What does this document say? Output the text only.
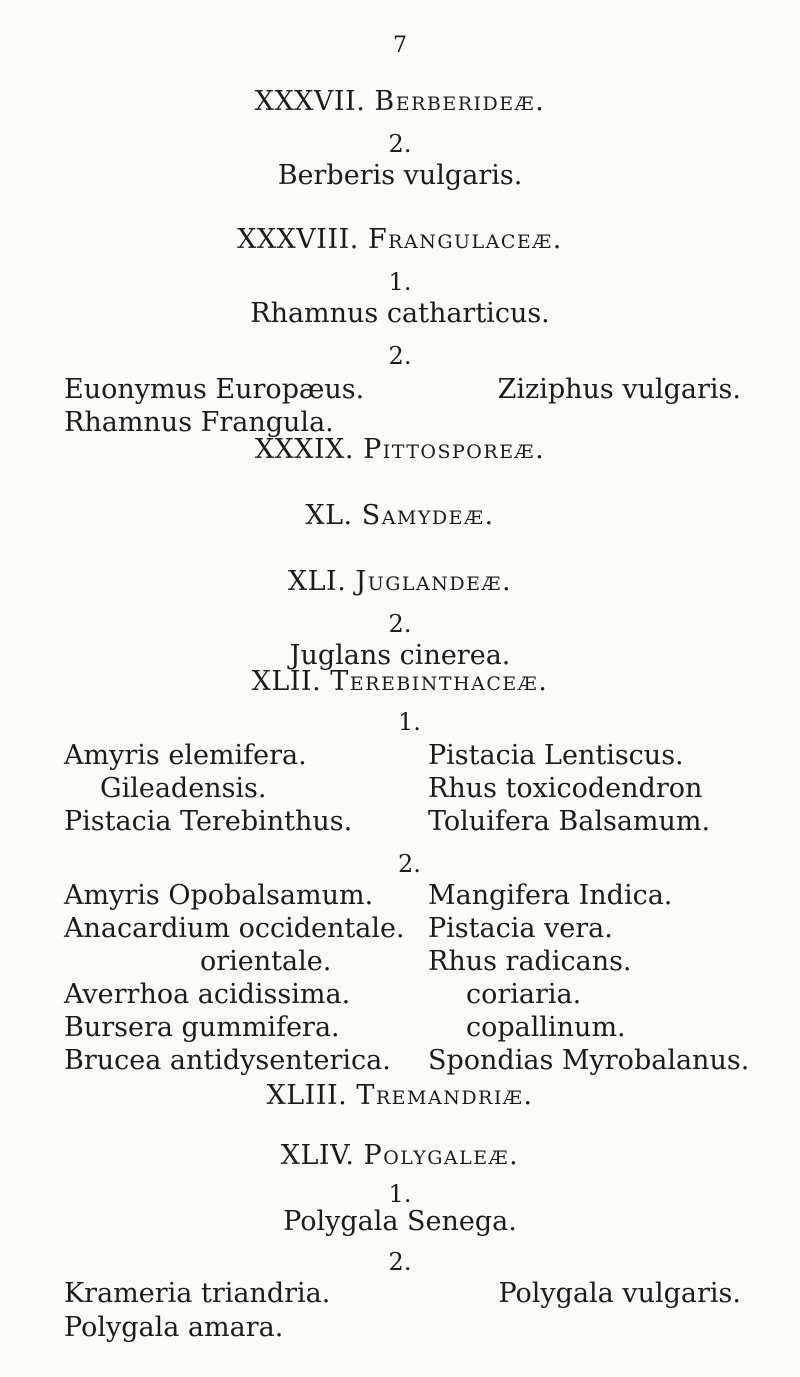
7
XXXVII. Berberideæ.
2.
Berberis vulgaris.
XXXVIII. Frangulaceæ.
1.
Rhamnus catharticus.
2.
Euonymus Europæus.	Ziziphus vulgaris.
Rhamnus Frangula.
XXXIX. Pittosporeæ.
XL. Samydeæ.
XLI. Juglandeæ.
2.
Juglans cinerea.
XLII. Terebinthaceæ.
1.
Amyris elemifera.
Gileadensis.
Pistacia Terebinthus.
Pistacia Lentiscus.
Rhus toxicodendron
Toluifera Balsamum.
2.
Amyris Opobalsamum.
Anacardium occidentale.
orientale.
Averrhoa acidissima.
Bursera gummifera.
Brucea antidysenterica.
Mangifera Indica.
Pistacia vera.
Rhus radicans.
coriaria.
copallinum.
Spondias Myrobalanus.
XLIII. Tremandriæ.
XLIV. Polygaleæ.
1.
Polygala Senega.
2.
Krameria triandria.	Polygala vulgaris.
Polygala amara.
